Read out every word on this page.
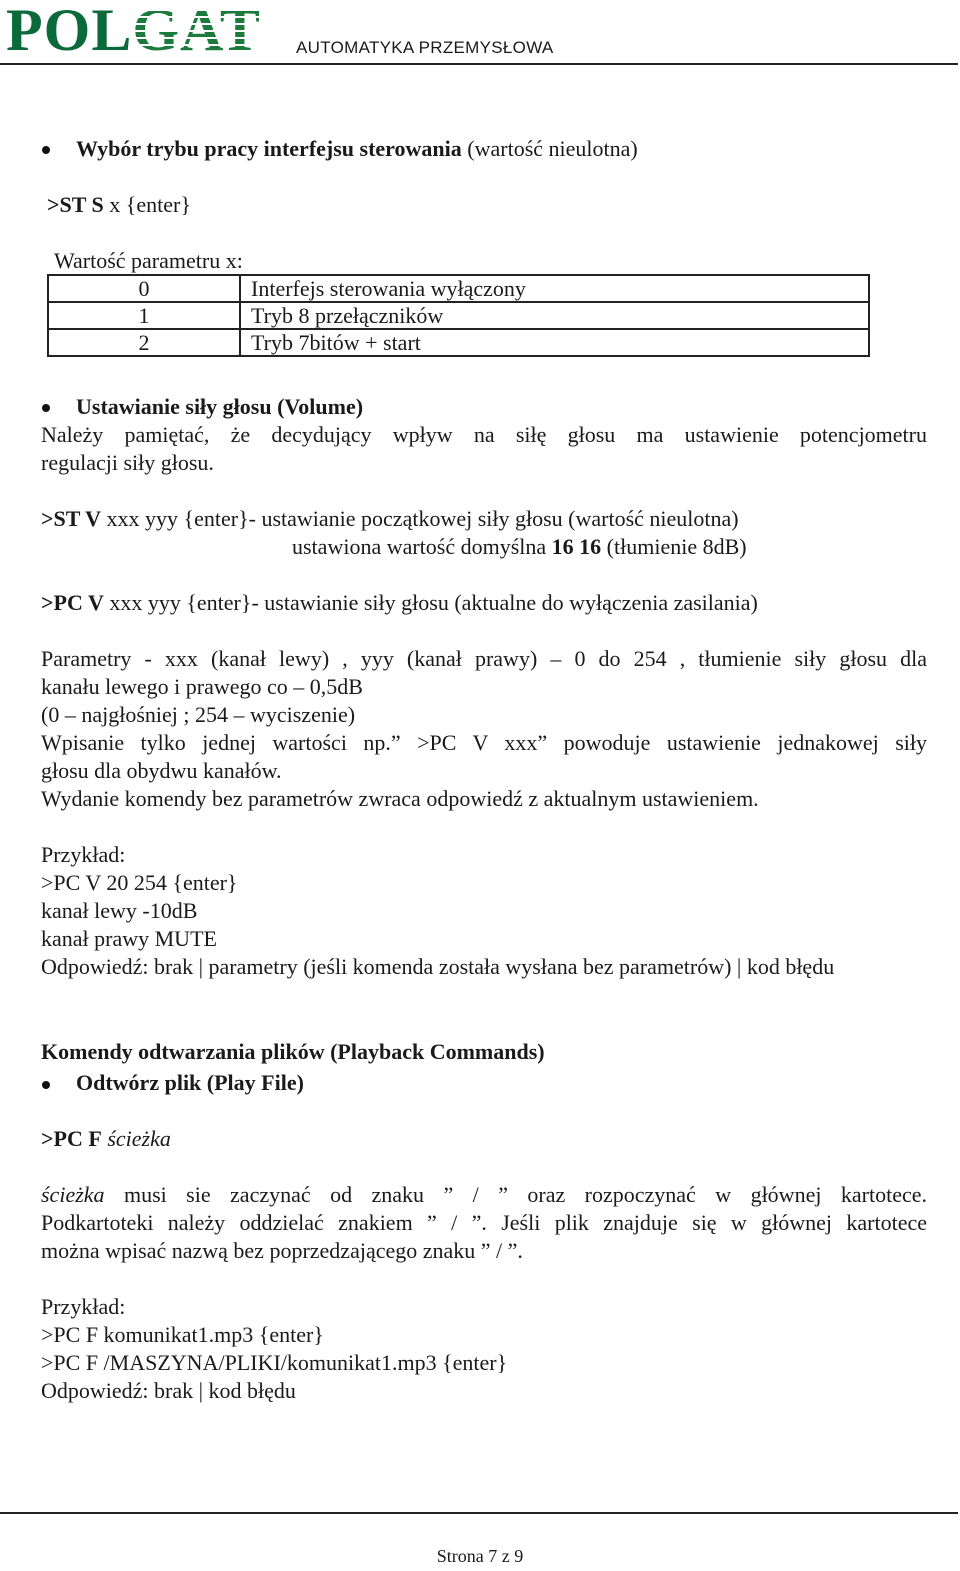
POLGAT AUTOMATYKA PRZEMYSŁOWA
Wybór trybu pracy interfejsu sterowania (wartość nieulotna)
>ST S x {enter}
Wartość parametru x:
0	Interfejs sterowania wyłączony
1	Tryb 8 przełączników
2	Tryb 7bitów + start
Ustawianie siły głosu (Volume)
Należy pamiętać, że decydujący wpływ na siłę głosu ma ustawienie potencjometru
regulacji siły głosu.
>ST V xxx yyy {enter}- ustawianie początkowej siły głosu (wartość nieulotna)
ustawiona wartość domyślna 16 16 (tłumienie 8dB)
>PC V xxx yyy {enter}- ustawianie siły głosu (aktualne do wyłączenia zasilania)
Parametry - xxx (kanał lewy) , yyy (kanał prawy) – 0 do 254 , tłumienie siły głosu dla
kanału lewego i prawego co – 0,5dB
(0 – najgłośniej ; 254 – wyciszenie)
Wpisanie tylko jednej wartości np.” >PC V xxx” powoduje ustawienie jednakowej siły
głosu dla obydwu kanałów.
Wydanie komendy bez parametrów zwraca odpowiedź z aktualnym ustawieniem.
Przykład:
>PC V 20 254 {enter}
kanał lewy -10dB
kanał prawy MUTE
Odpowiedź: brak | parametry (jeśli komenda została wysłana bez parametrów) | kod błędu
Komendy odtwarzania plików (Playback Commands)
Odtwórz plik (Play File)
>PC F ścieżka
ścieżka musi sie zaczynać od znaku ” / ” oraz rozpoczynać w głównej kartotece.
Podkartoteki należy oddzielać znakiem ” / ”. Jeśli plik znajduje się w głównej kartotece
można wpisać nazwą bez poprzedzającego znaku ” / ”.
Przykład:
>PC F komunikat1.mp3 {enter}
>PC F /MASZYNA/PLIKI/komunikat1.mp3 {enter}
Odpowiedź: brak | kod błędu
Strona 7 z 9
